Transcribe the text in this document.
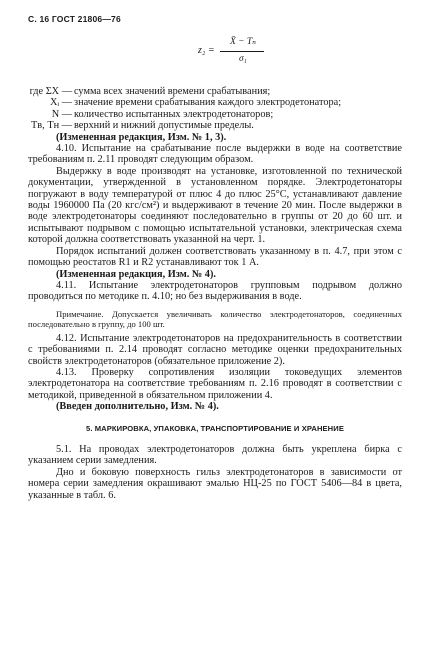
С. 16 ГОСТ 21806—76
z₂ =
X̄ − Tₙ
σ₁
где ΣX — сумма всех значений времени срабатывания;
Xᵢ — значение времени срабатывания каждого электродетонатора;
N — количество испытанных электродетонаторов;
Tв, Tн — верхний и нижний допустимые пределы.

(Измененная редакция, Изм. № 1, 3).

4.10. Испытание на срабатывание после выдержки в воде на соответствие требованиям п. 2.11 проводят следующим образом.

Выдержку в воде производят на установке, изготовленной по технической документации, утвержденной в установленном порядке. Электродетонаторы погружают в воду температурой от плюс 4 до плюс 25°С, устанавливают давление воды 1960000 Па (20 кгс/см²) и выдерживают в течение 20 мин. После выдержки в воде электродетонаторы соединяют последовательно в группы от 20 до 60 шт. и испытывают подрывом с помощью испытательной установки, электрическая схема которой должна соответствовать указанной на черт. 1.

Порядок испытаний должен соответствовать указанному в п. 4.7, при этом с помощью реостатов R1 и R2 устанавливают ток 1 А.

(Измененная редакция, Изм. № 4).

4.11. Испытание электродетонаторов групповым подрывом должно проводиться по методике п. 4.10; но без выдерживания в воде.

Примечание. Допускается увеличивать количество электродетонаторов, соединенных последовательно в группу, до 100 шт.

4.12. Испытание электродетонаторов на предохранительность в соответствии с требованиями п. 2.14 проводят согласно методике оценки предохранительных свойств электродетонаторов (обязательное приложение 2).

4.13. Проверку сопротивления изоляции токоведущих элементов электродетонатора на соответствие требованиям п. 2.16 проводят в соответствии с методикой, приведенной в обязательном приложении 4.

(Введен дополнительно, Изм. № 4).

5. МАРКИРОВКА, УПАКОВКА, ТРАНСПОРТИРОВАНИЕ И ХРАНЕНИЕ

5.1. На проводах электродетонаторов должна быть укреплена бирка с указанием серии замедления.

Дно и боковую поверхность гильз электродетонаторов в зависимости от номера серии замедления окрашивают эмалью НЦ-25 по ГОСТ 5406—84 в цвета, указанные в табл. 6.
